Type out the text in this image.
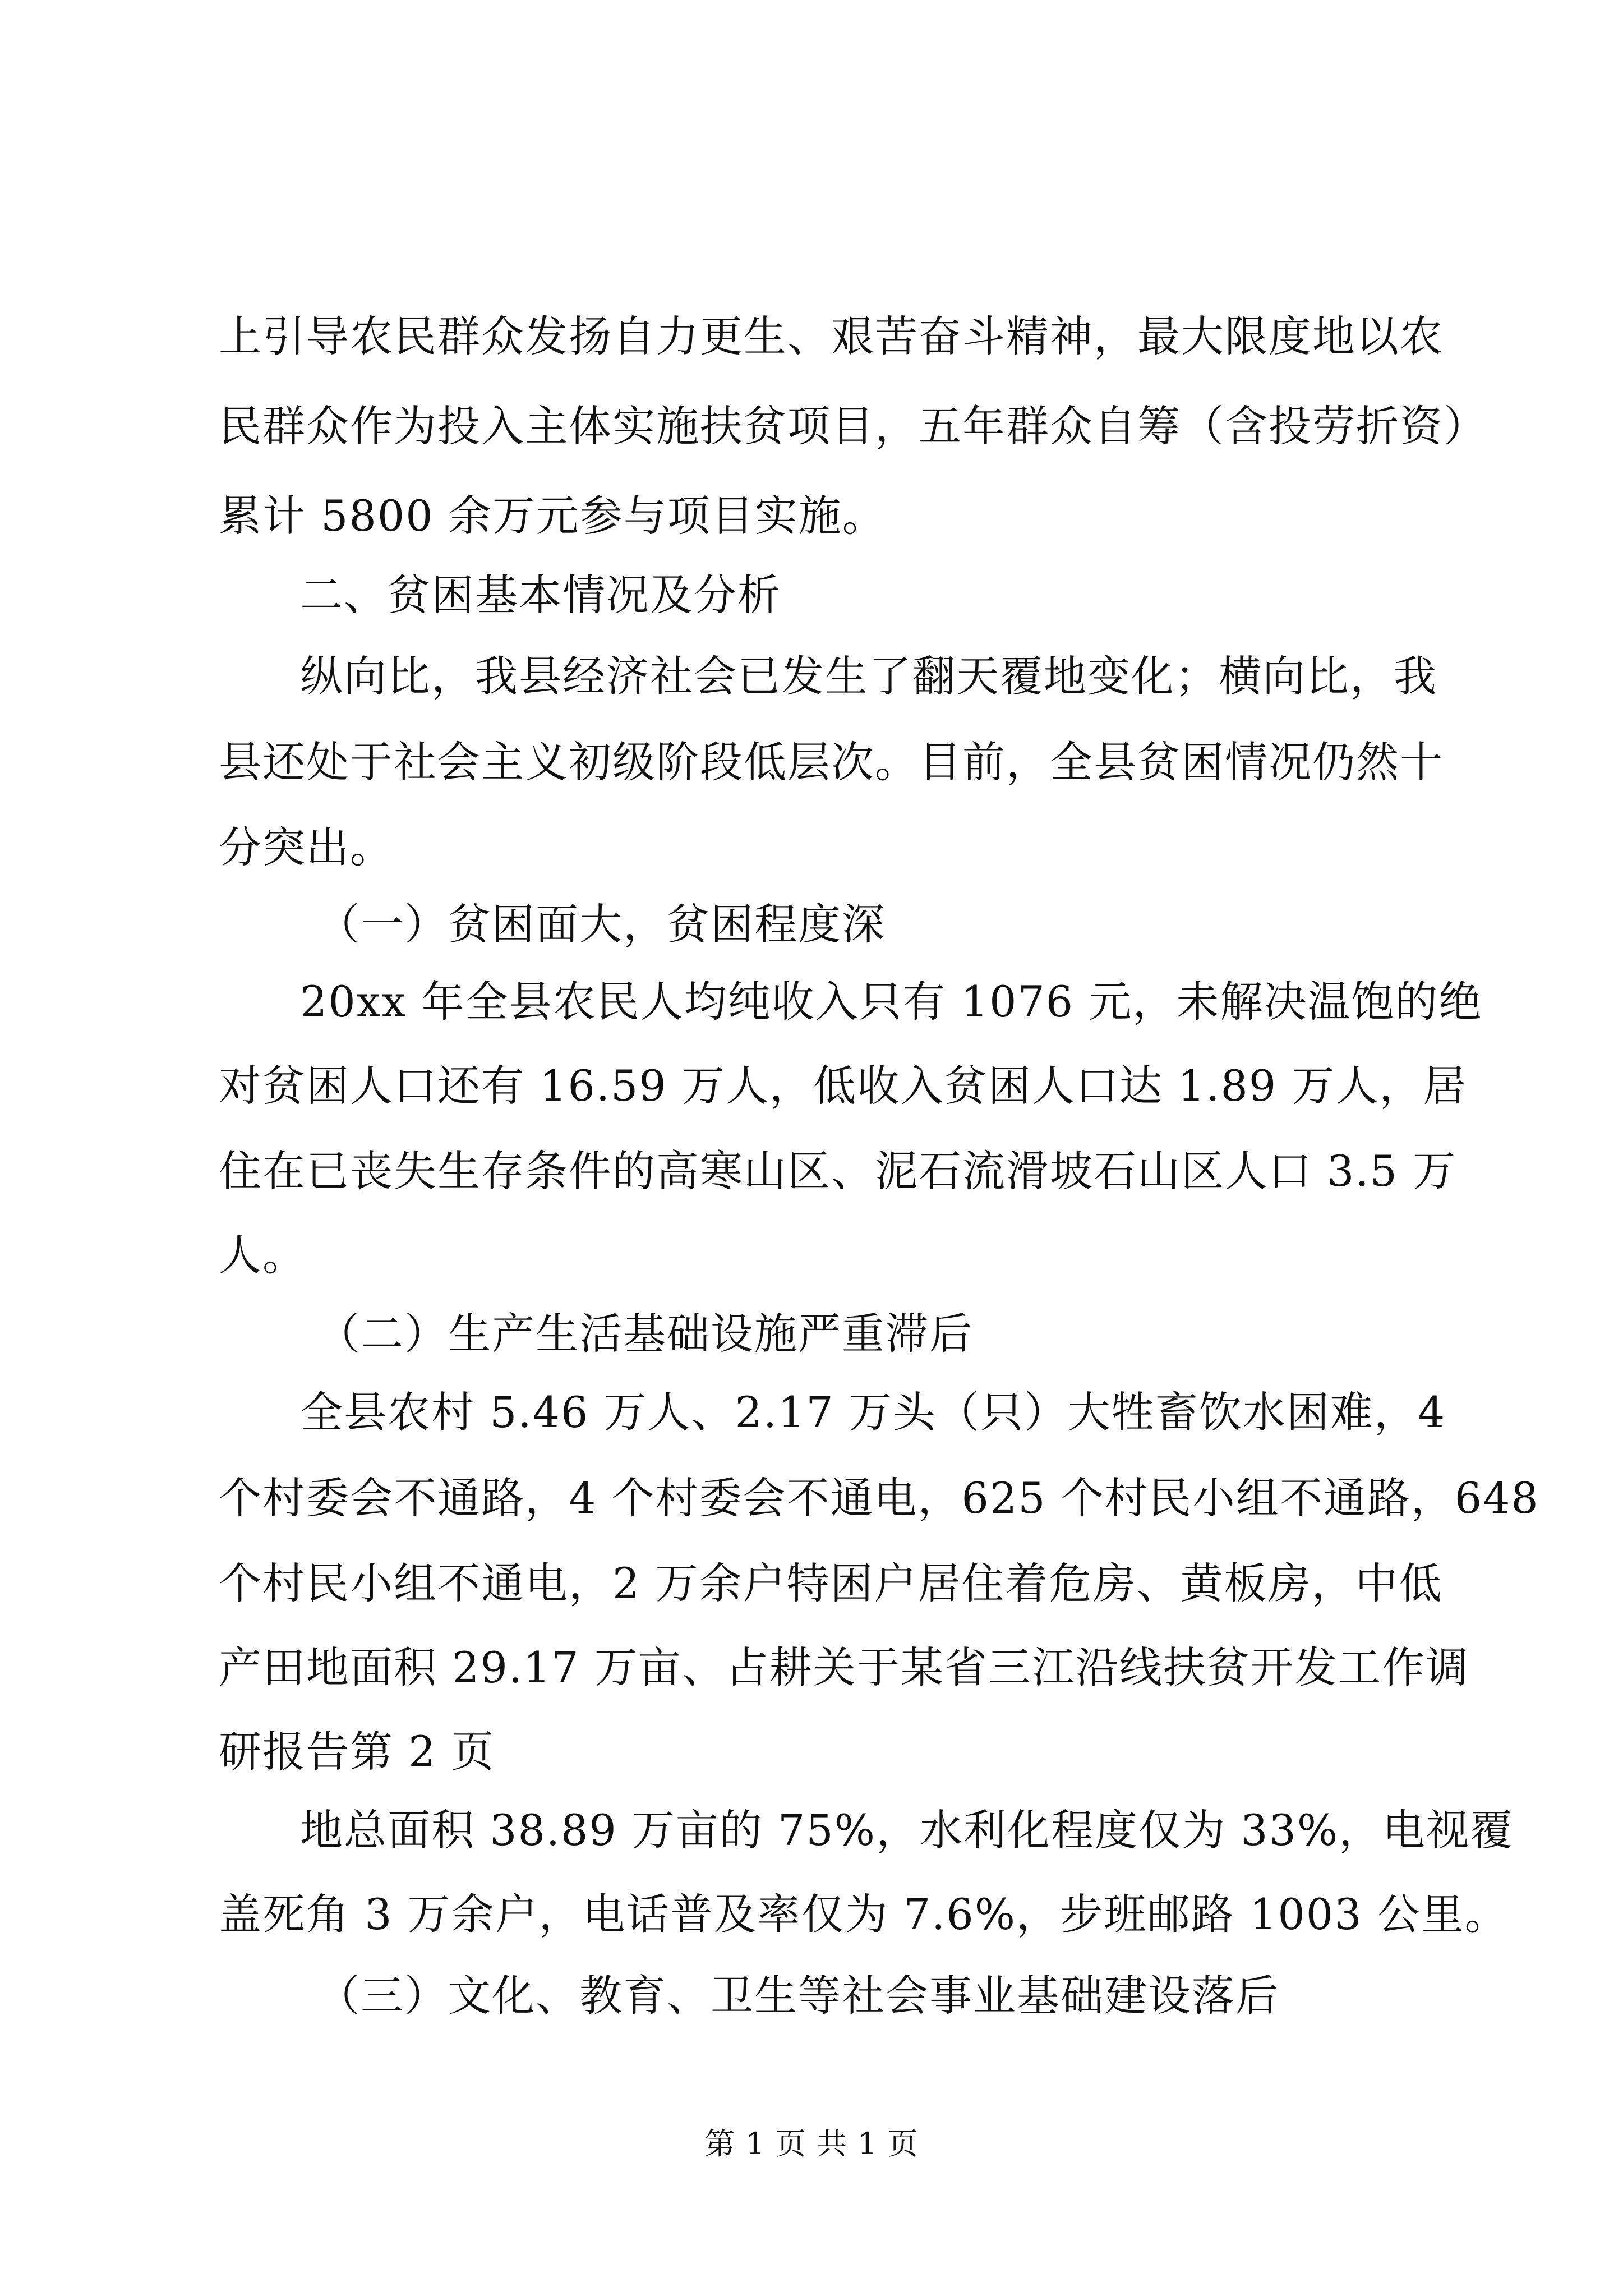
上引导农民群众发扬自力更生、艰苦奋斗精神，最大限度地以农
民群众作为投入主体实施扶贫项目，五年群众自筹（含投劳折资）
累计 5800 余万元参与项目实施。
二、贫困基本情况及分析
纵向比，我县经济社会已发生了翻天覆地变化；横向比，我
县还处于社会主义初级阶段低层次。目前，全县贫困情况仍然十
分突出。
（一）贫困面大，贫困程度深
20xx 年全县农民人均纯收入只有 1076 元，未解决温饱的绝
对贫困人口还有 16.59 万人，低收入贫困人口达 1.89 万人，居
住在已丧失生存条件的高寒山区、泥石流滑坡石山区人口 3.5 万
人。
（二）生产生活基础设施严重滞后
全县农村 5.46 万人、2.17 万头（只）大牲畜饮水困难，4
个村委会不通路，4 个村委会不通电，625 个村民小组不通路，648
个村民小组不通电，2 万余户特困户居住着危房、黄板房，中低
产田地面积 29.17 万亩、占耕关于某省三江沿线扶贫开发工作调
研报告第 2 页
地总面积 38.89 万亩的 75%，水利化程度仅为 33%，电视覆
盖死角 3 万余户，电话普及率仅为 7.6%，步班邮路 1003 公里。
（三）文化、教育、卫生等社会事业基础建设落后
第 1 页 共 1 页
